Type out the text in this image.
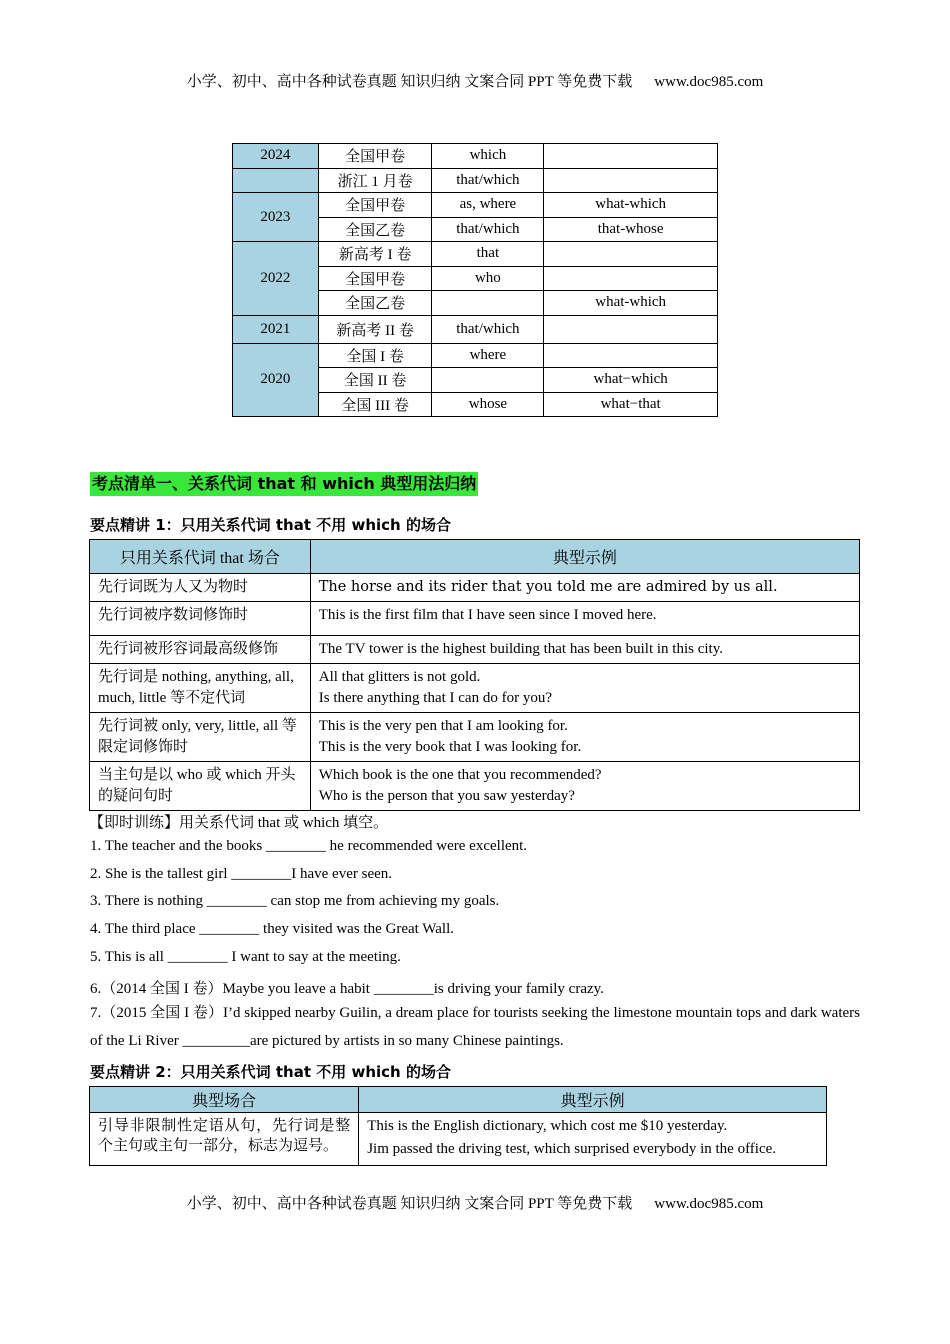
小学、初中、高中各种试卷真题 知识归纳 文案合同 PPT 等免费下载 www.doc985.com
2024	全国甲卷	which	
	浙江 1 月卷	that/which	
2023	全国甲卷	as, where	what-which
	全国乙卷	that/which	that-whose
2022	新高考 I 卷	that	
	全国甲卷	who	
	全国乙卷		what-which
2021	新高考 II 卷	that/which	
2020	全国 I 卷	where	
	全国 II 卷		what−which
	全国 III 卷	whose	what−that
考点清单一、关系代词 that 和 which 典型用法归纳
要点精讲 1：只用关系代词 that 不用 which 的场合
只用关系代词 that 场合	典型示例
先行词既为人又为物时	The horse and its rider that you told me are admired by us all.

先行词被序数词修饰时	This is the first film that I have seen since I moved here.

先行词被形容词最高级修饰	The TV tower is the highest building that has been built in this city.

先行词是 nothing, anything, all, much, little 等不定代词	All that glitters is not gold.
Is there anything that I can do for you?

先行词被 only, very, little, all 等限定词修饰时	This is the very pen that I am looking for.
This is the very book that I was looking for.

当主句是以 who 或 which 开头的疑问句时	Which book is the one that you recommended?
Who is the person that you saw yesterday?
【即时训练】用关系代词 that 或 which 填空。
1. The teacher and the books ________ he recommended were excellent.
2. She is the tallest girl ________I have ever seen.
3. There is nothing ________ can stop me from achieving my goals.
4. The third place ________ they visited was the Great Wall.
5. This is all ________ I want to say at the meeting.
6.（2014 全国 I 卷）Maybe you leave a habit ________is driving your family crazy.
7.（2015 全国 I 卷）I’d skipped nearby Guilin, a dream place for tourists seeking the limestone mountain tops and dark waters of the Li River _________are pictured by artists in so many Chinese paintings.
要点精讲 2：只用关系代词 that 不用 which 的场合
典型场合	典型示例
引导非限制性定语从句，先行词是整个主句或主句一部分，标志为逗号。	This is the English dictionary, which cost me $10 yesterday.
Jim passed the driving test, which surprised everybody in the office.
小学、初中、高中各种试卷真题 知识归纳 文案合同 PPT 等免费下载 www.doc985.com
